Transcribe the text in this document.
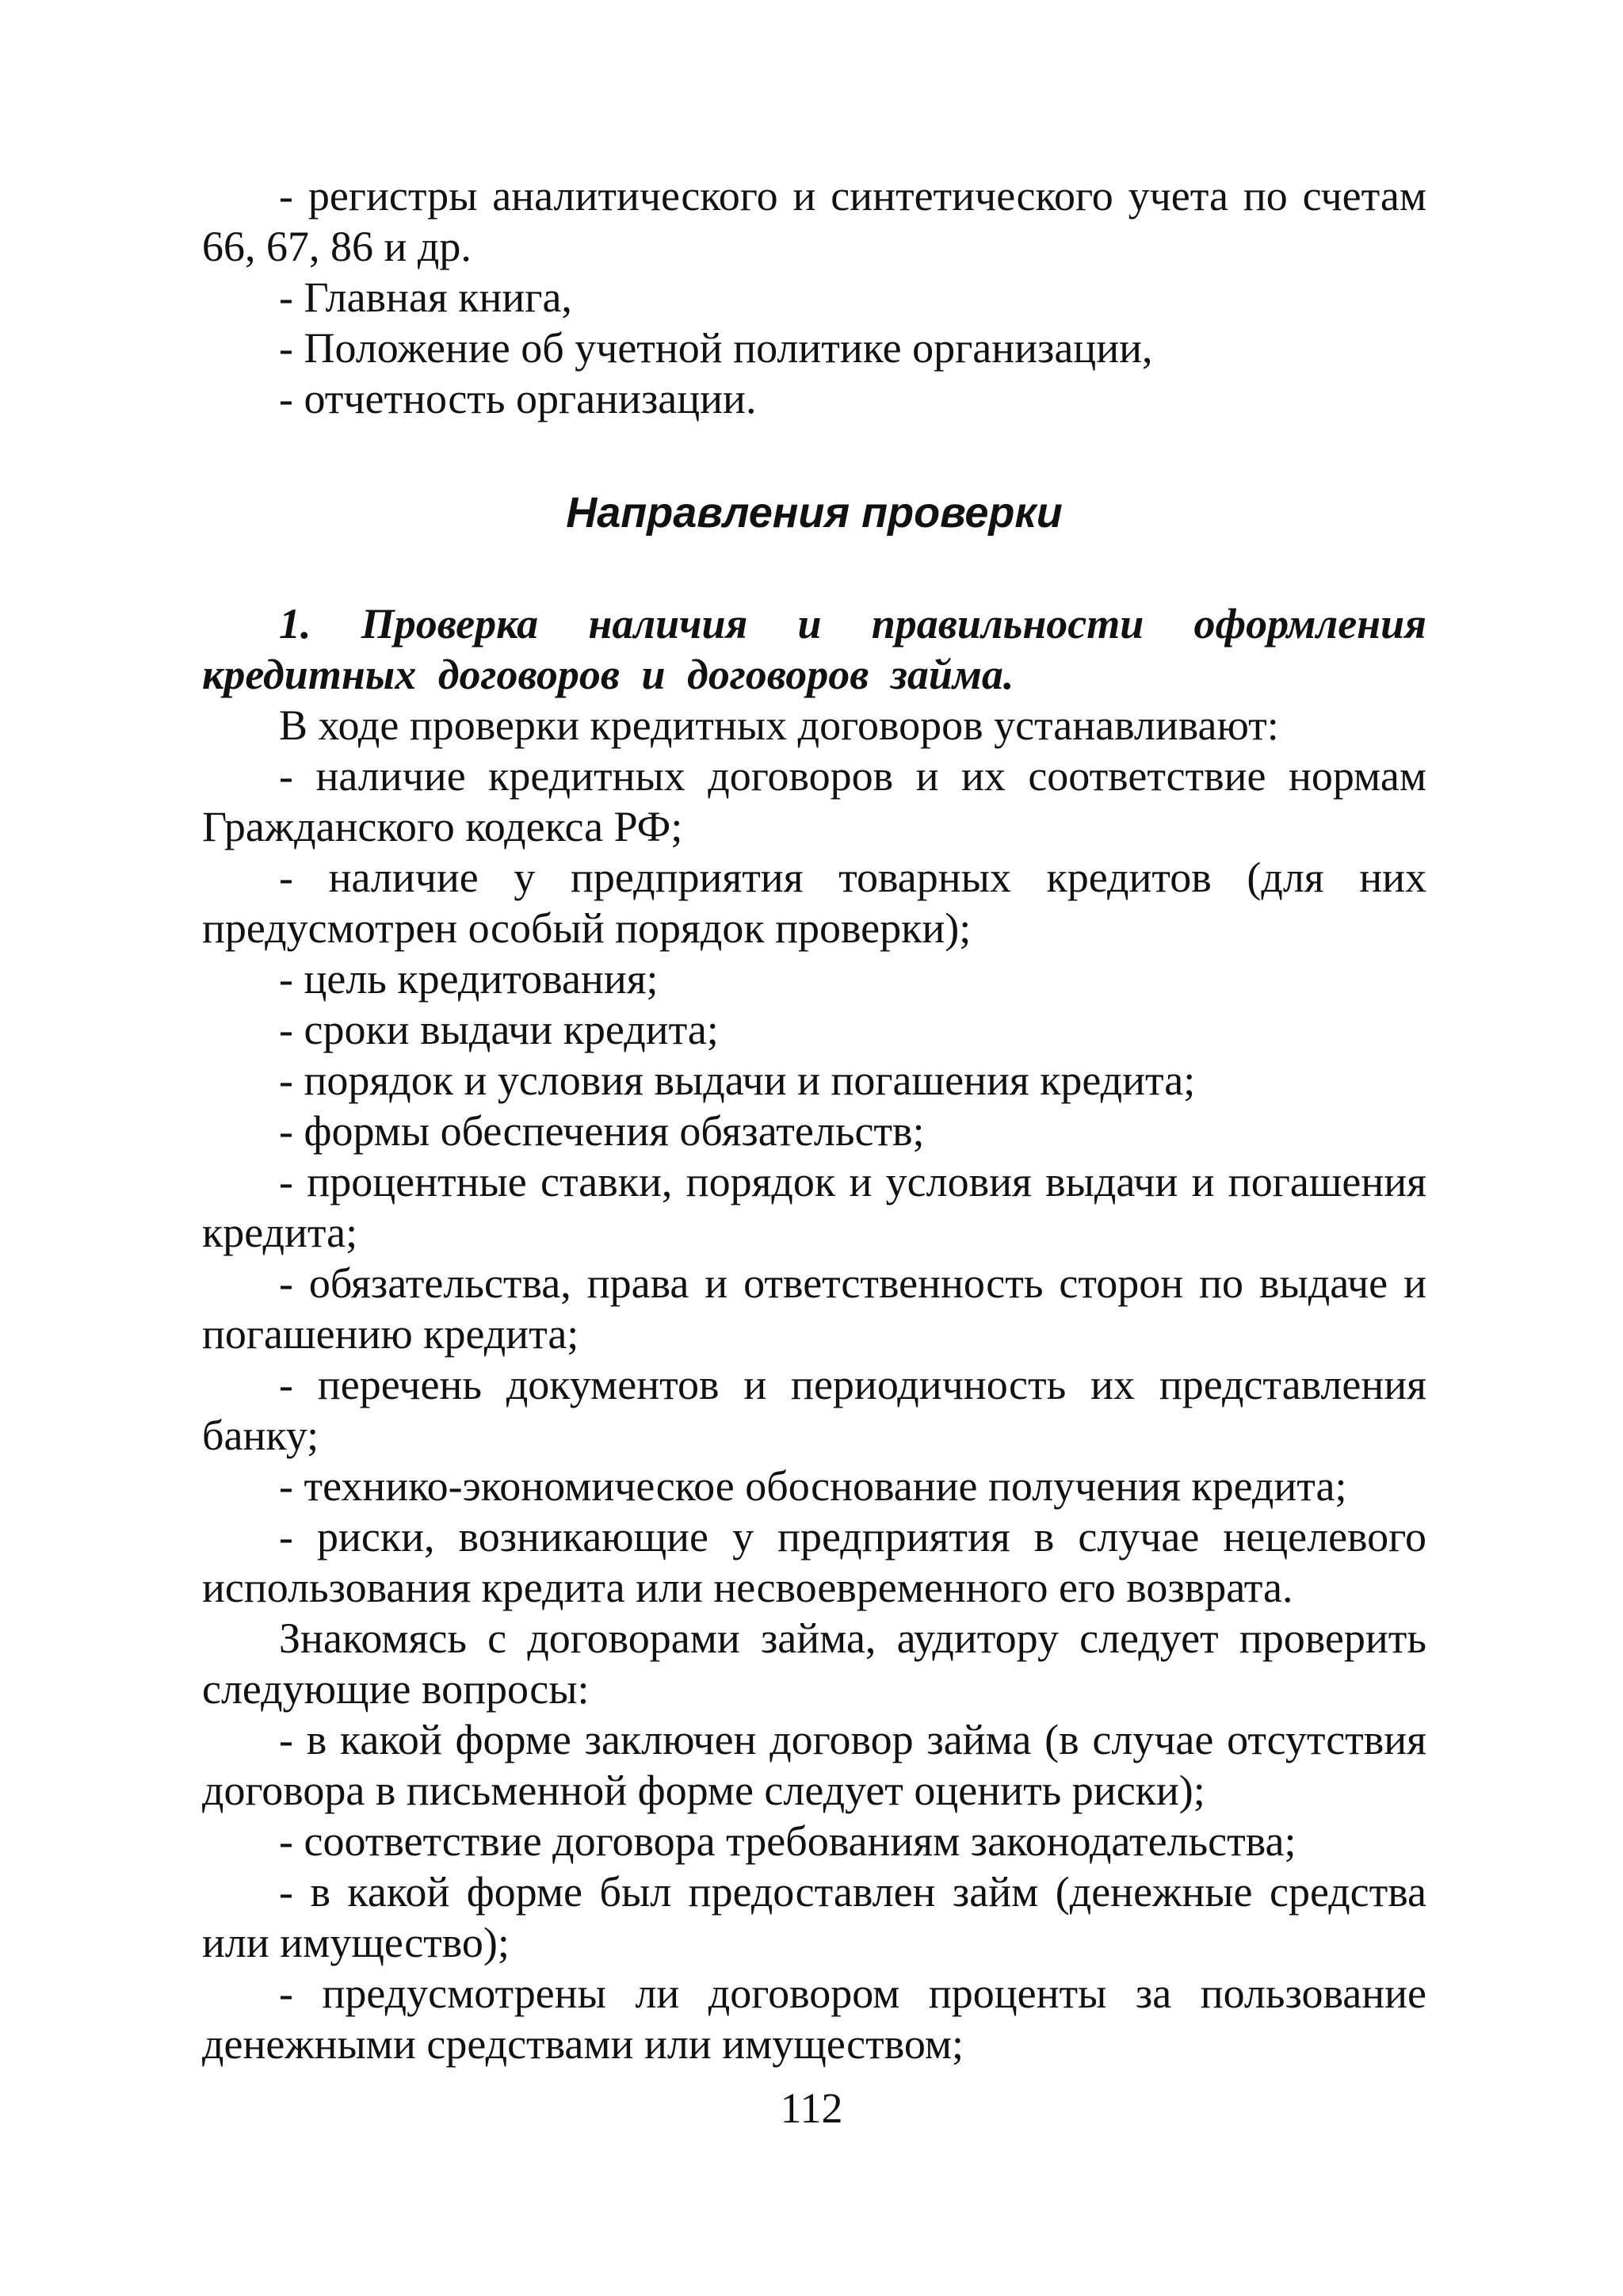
- регистры аналитического и синтетического учета по счетам 66, 67, 86 и др.

- Главная книга,

- Положение об учетной политике организации,

- отчетность организации.

Направления проверки

1. Проверка наличия и правильности оформления кредитных договоров и договоров займа.

В ходе проверки кредитных договоров устанавливают:

- наличие кредитных договоров и их соответствие нормам Гражданского кодекса РФ;

- наличие у предприятия товарных кредитов (для них предусмотрен особый порядок проверки);

- цель кредитования;

- сроки выдачи кредита;

- порядок и условия выдачи и погашения кредита;

- формы обеспечения обязательств;

- процентные ставки, порядок и условия выдачи и погашения кредита;

- обязательства, права и ответственность сторон по выдаче и погашению кредита;

- перечень документов и периодичность их представления банку;

- технико-экономическое обоснование получения кредита;

- риски, возникающие у предприятия в случае нецелевого использования кредита или несвоевременного его возврата.

Знакомясь с договорами займа, аудитору следует проверить следующие вопросы:

- в какой форме заключен договор займа (в случае отсутствия договора в письменной форме следует оценить риски);

- соответствие договора требованиям законодательства;

- в какой форме был предоставлен займ (денежные средства или имущество);

- предусмотрены ли договором проценты за пользование денежными средствами или имуществом;

112
